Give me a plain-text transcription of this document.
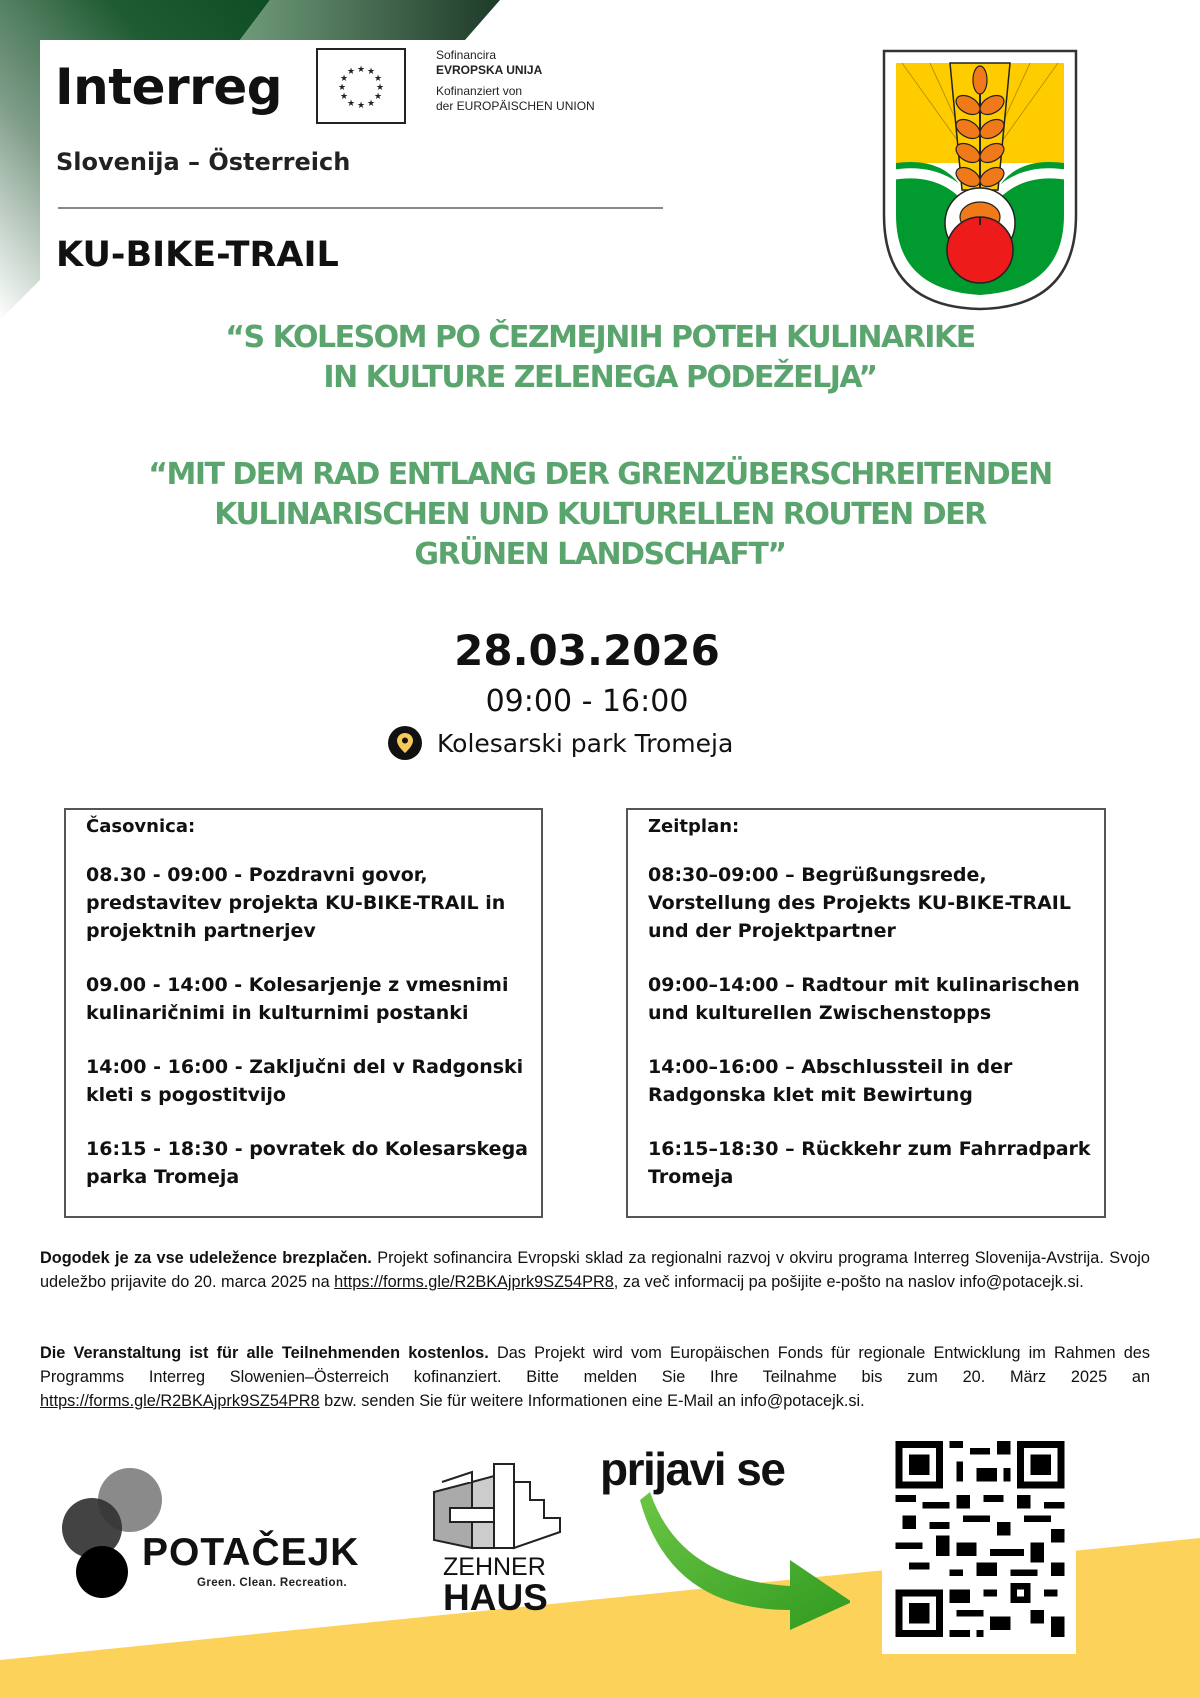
Interreg	★ ★
★
★
★
★
★
★
★
★
★
★
Sofinancira
EVROPSKA UNIJA
Kofinanziert von
der EUROPÄISCHEN UNION
Slovenija – Österreich
KU-BIKE-TRAIL
“S KOLESOM PO ČEZMEJNIH POTEH KULINARIKE
IN KULTURE ZELENEGA PODEŽELJA”
“MIT DEM RAD ENTLANG DER GRENZÜBERSCHREITENDEN
KULINARISCHEN UND KULTURELLEN ROUTEN DER
GRÜNEN LANDSCHAFT”
28.03.2026
09:00 - 16:00
Kolesarski park Tromeja
Časovnica:
08.30 - 09:00 - Pozdravni govor, predstavitev projekta KU-BIKE-TRAIL in projektnih partnerjev
09.00 - 14:00 - Kolesarjenje z vmesnimi kulinaričnimi in kulturnimi postanki
14:00 - 16:00 - Zaključni del v Radgonski kleti s pogostitvijo
16:15 - 18:30 - povratek do Kolesarskega parka Tromeja
Zeitplan:
08:30–09:00 – Begrüßungsrede, Vorstellung des Projekts KU-BIKE-TRAIL und der Projektpartner
09:00–14:00 – Radtour mit kulinarischen und kulturellen Zwischenstopps
14:00–16:00 – Abschlussteil in der Radgonska klet mit Bewirtung
16:15–18:30 – Rückkehr zum Fahrradpark Tromeja
Dogodek je za vse udeležence brezplačen. Projekt sofinancira Evropski sklad za regionalni razvoj v okviru programa Interreg Slovenija-Avstrija. Svojo udeležbo prijavite do 20. marca 2025 na https://forms.gle/R2BKAjprk9SZ54PR8, za več informacij pa pošijite e-pošto na naslov info@potacejk.si.
Die Veranstaltung ist für alle Teilnehmenden kostenlos. Das Projekt wird vom Europäischen Fonds für regionale Entwicklung im Rahmen des Programms Interreg Slowenien–Österreich kofinanziert. Bitte melden Sie Ihre Teilnahme bis zum 20. März 2025 an https://forms.gle/R2BKAjprk9SZ54PR8 bzw. senden Sie für weitere Informationen eine E-Mail an info@potacejk.si.
POTAČEJK
Green. Clean. Recreation.
ZEHNER
HAUS
prijavi se
